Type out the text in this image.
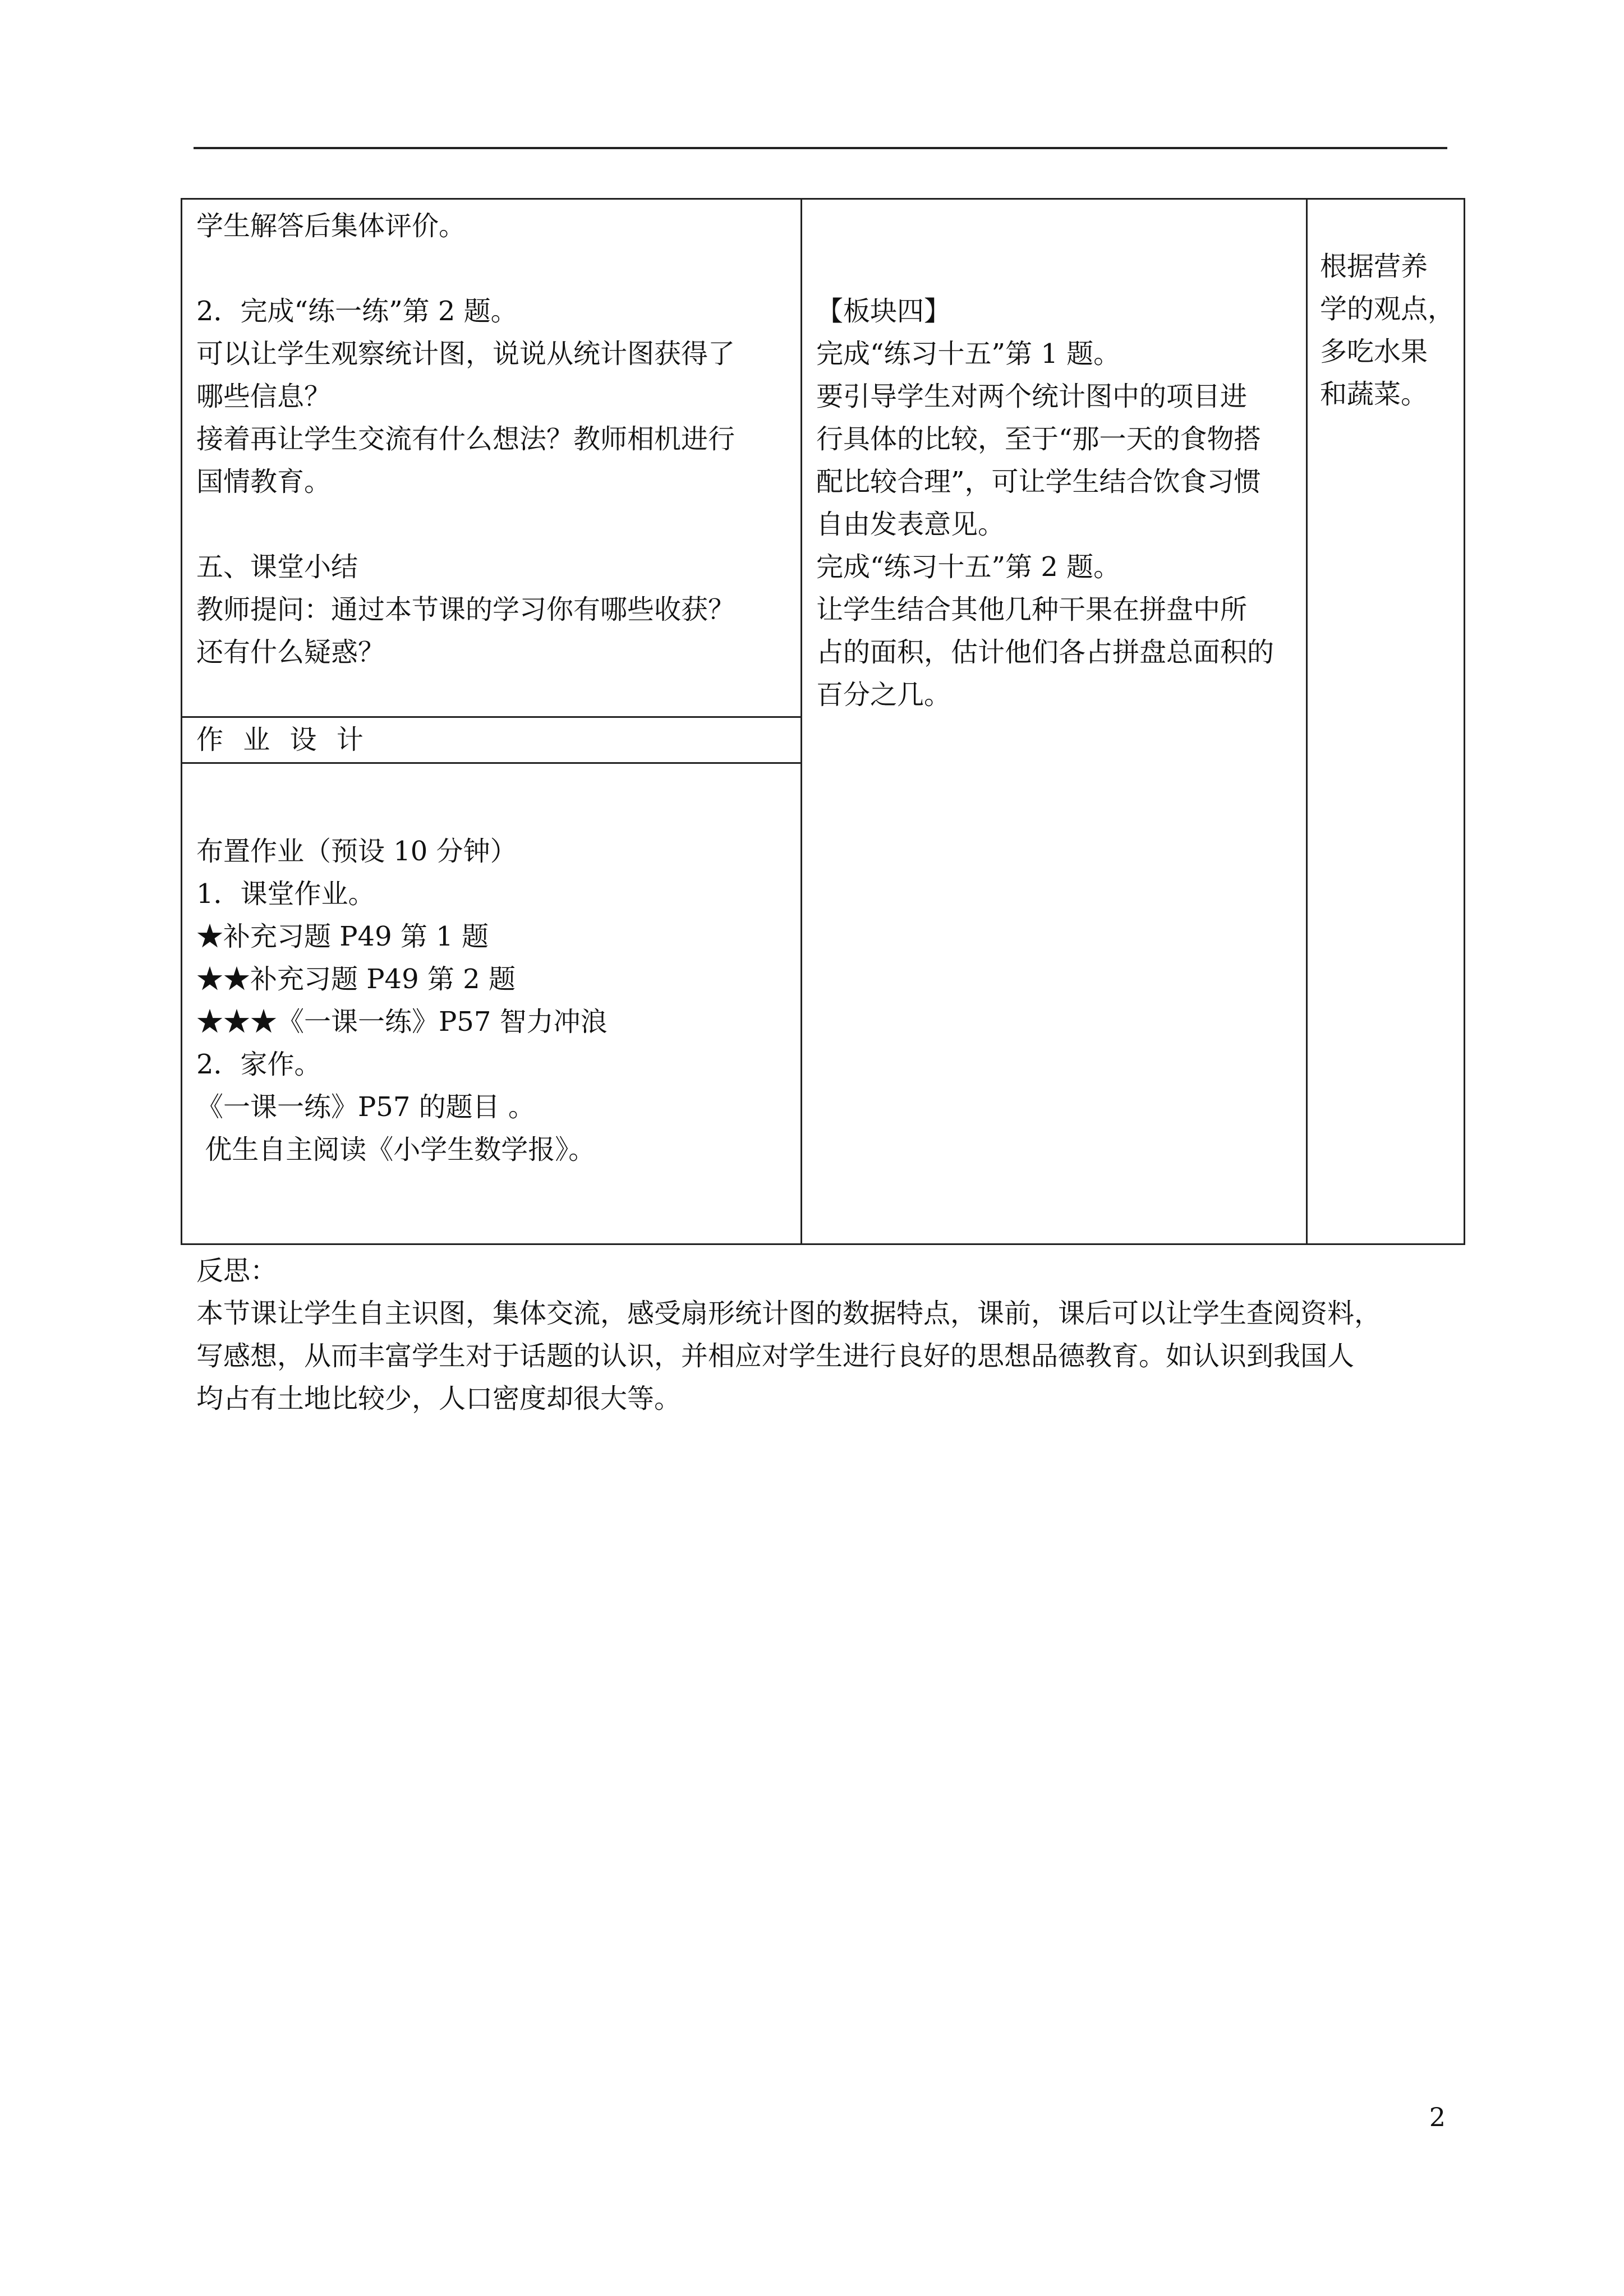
学生解答后集体评价。
2．完成“练一练”第 2 题。
可以让学生观察统计图，说说从统计图获得了
哪些信息？
接着再让学生交流有什么想法？教师相机进行
国情教育。
五、课堂小结
教师提问：通过本节课的学习你有哪些收获？
还有什么疑惑？
作 业 设 计
布置作业（预设 10 分钟）
1．课堂作业。
★补充习题 P49 第 1 题
★★补充习题 P49 第 2 题
★★★《一课一练》P57 智力冲浪
2．家作。
《一课一练》P57 的题目 。
优生自主阅读《小学生数学报》。
【板块四】
完成“练习十五”第 1 题。
要引导学生对两个统计图中的项目进
行具体的比较，至于“那一天的食物搭
配比较合理”，可让学生结合饮食习惯
自由发表意见。
完成“练习十五”第 2 题。
让学生结合其他几种干果在拼盘中所
占的面积，估计他们各占拼盘总面积的
百分之几。
根据营养
学的观点，
多吃水果
和蔬菜。
反思：
本节课让学生自主识图，集体交流，感受扇形统计图的数据特点，课前，课后可以让学生查阅资料，
写感想，从而丰富学生对于话题的认识，并相应对学生进行良好的思想品德教育。如认识到我国人
均占有土地比较少，人口密度却很大等。
2
